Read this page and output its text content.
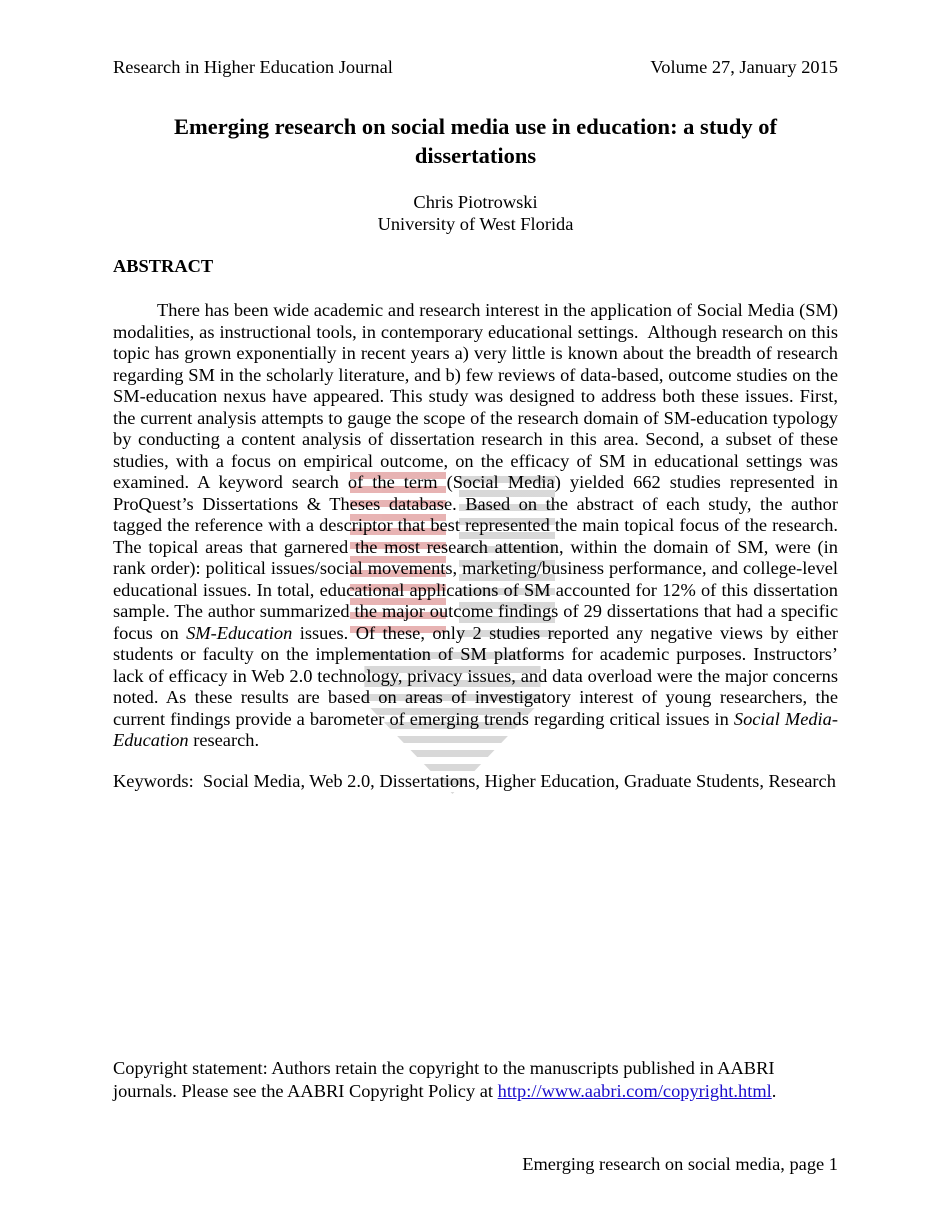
Research in Higher Education Journal	Volume 27, January 2015
Emerging research on social media use in education: a study of dissertations
Chris Piotrowski
University of West Florida
ABSTRACT

There has been wide academic and research interest in the application of Social Media (SM) modalities, as instructional tools, in contemporary educational settings.  Although research on this topic has grown exponentially in recent years a) very little is known about the breadth of research regarding SM in the scholarly literature, and b) few reviews of data-based, outcome studies on the SM-education nexus have appeared. This study was designed to address both these issues. First, the current analysis attempts to gauge the scope of the research domain of SM-education typology by conducting a content analysis of dissertation research in this area. Second, a subset of these studies, with a focus on empirical outcome, on the efficacy of SM in educational settings was examined. A keyword search of the term (Social Media) yielded 662 studies represented in ProQuest’s Dissertations & Theses database. Based on the abstract of each study, the author tagged the reference with a descriptor that best represented the main topical focus of the research. The topical areas that garnered the most research attention, within the domain of SM, were (in rank order): political issues/social movements, marketing/business performance, and college-level educational issues. In total, educational applications of SM accounted for 12% of this dissertation sample. The author summarized the major outcome findings of 29 dissertations that had a specific focus on SM-Education issues. Of these, only 2 studies reported any negative views by either students or faculty on the implementation of SM platforms for academic purposes. Instructors’ lack of efficacy in Web 2.0 technology, privacy issues, and data overload were the major concerns noted. As these results are based on areas of investigatory interest of young researchers, the current findings provide a barometer of emerging trends regarding critical issues in Social Media-Education research.

Keywords:  Social Media, Web 2.0, Dissertations, Higher Education, Graduate Students, Research

Copyright statement: Authors retain the copyright to the manuscripts published in AABRI journals. Please see the AABRI Copyright Policy at http://www.aabri.com/copyright.html.

Emerging research on social media, page 1
